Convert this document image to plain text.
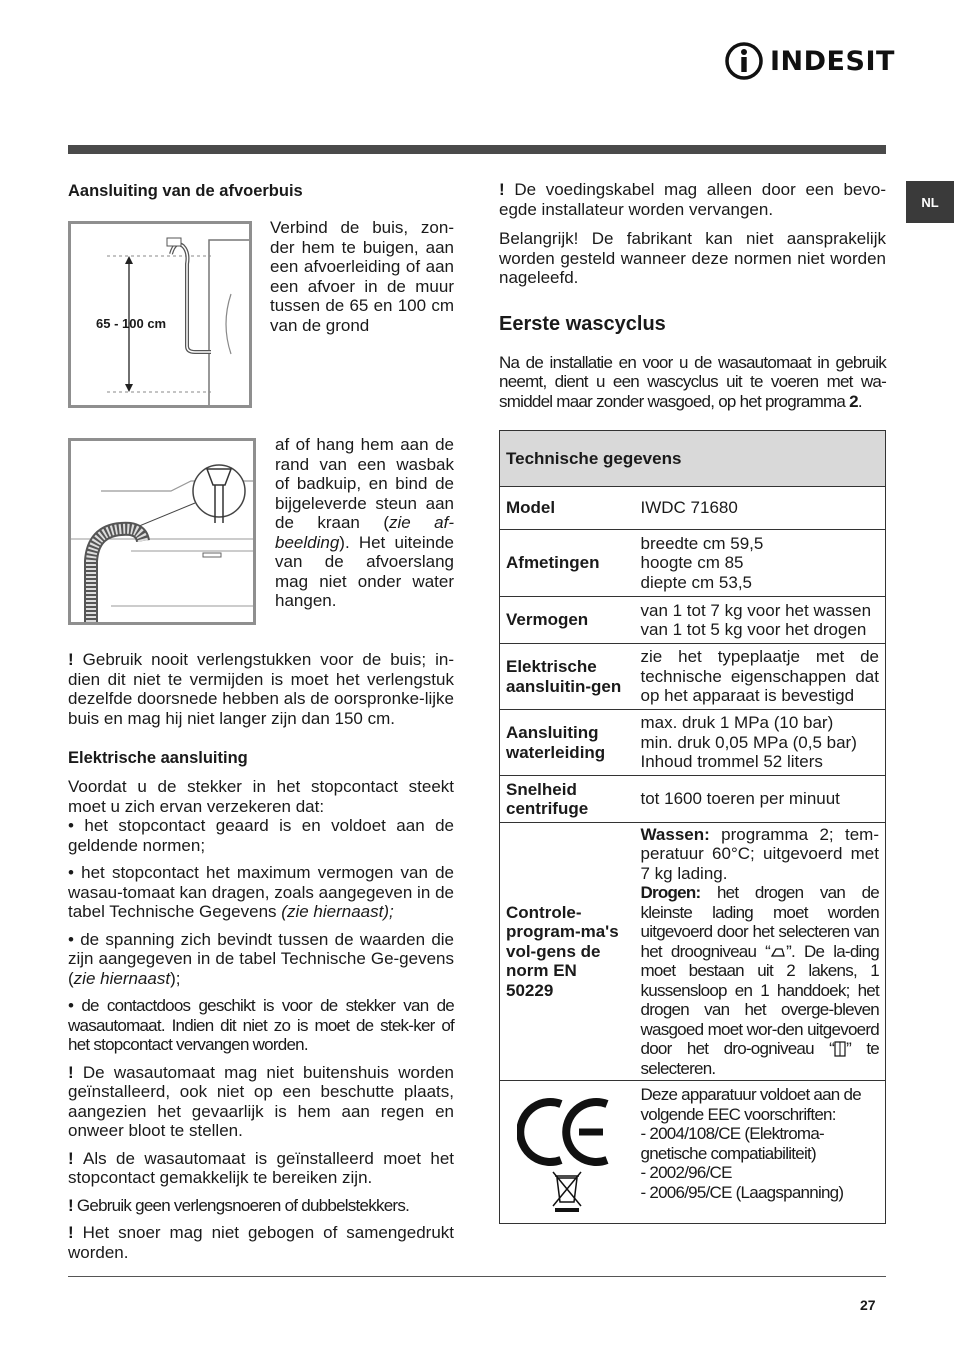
INDESIT
NL
Aansluiting van de afvoerbuis
65 - 100 cm

Verbind de buis, zon-der hem te buigen, aan een afvoerleiding of aan een afvoer in de muur tussen de 65 en 100 cm van de grond

af of hang hem aan de rand van een wasbak of badkuip, en bind de bijgeleverde steun aan de kraan (zie af-beelding). Het uiteinde van de afvoerslang mag niet onder water hangen.

! Gebruik nooit verlengstukken voor de buis; in-dien dit niet te vermijden is moet het verlengstuk dezelfde doorsnede hebben als de oorspronke-lijke buis en mag hij niet langer zijn dan 150 cm.

Elektrische aansluiting

Voordat u de stekker in het stopcontact steekt moet u zich ervan verzekeren dat:

• het stopcontact geaard is en voldoet aan de geldende normen;

• het stopcontact het maximum vermogen van de wasau-tomaat kan dragen, zoals aangegeven in de tabel Technische Gegevens (zie hiernaast);

• de spanning zich bevindt tussen de waarden die zijn aangegeven in de tabel Technische Ge-gevens (zie hiernaast);

• de contactdoos geschikt is voor de stekker van de wasautomaat. Indien dit niet zo is moet de stek-ker of het stopcontact vervangen worden.

! De wasautomaat mag niet buitenshuis worden geïnstalleerd, ook niet op een beschutte plaats, aangezien het gevaarlijk is hem aan regen en onweer bloot te stellen.

! Als de wasautomaat is geïnstalleerd moet het stopcontact gemakkelijk te bereiken zijn.

! Gebruik geen verlengsnoeren of dubbelstekkers.

! Het snoer mag niet gebogen of samengedrukt worden.

! De voedingskabel mag alleen door een bevo-egde installateur worden vervangen.

Belangrijk! De fabrikant kan niet aansprakelijk worden gesteld wanneer deze normen niet worden nageleefd.

Eerste wascyclus

Na de installatie en voor u de wasautomaat in gebruik neemt, dient u een wascyclus uit te voeren met wa-smiddel maar zonder wasgoed, op het programma 2.

Technische gegevens	
Model	IWDC 71680
Afmetingen	breedte cm 59,5
hoogte cm 85
diepte cm 53,5

Vermogen	van 1 tot 7 kg voor het wassen
van 1 tot 5 kg voor het drogen

Elektrische aansluitin-gen	zie het typeplaatje met de technische eigenschappen dat op het apparaat is bevestigd
Aansluiting waterleiding	max. druk 1 MPa (10 bar)
min. druk 0,05 MPa (0,5 bar)
Inhoud trommel 52 liters

Snelheid centrifuge	tot 1600 toeren per minuut
Controle-program-ma's vol-gens de norm EN 50229	Wassen: programma 2; tem-peratuur 60°C; uitgevoerd met 7 kg lading.
Drogen: het drogen van de kleinste lading moet worden uitgevoerd door het selecteren van het droogniveau “ ”. De la-ding moet bestaan uit 2 lakens, 1 kussensloop en 1 handdoek; het drogen van het overge-bleven wasgoed moet wor-den uitgevoerd door het dro-ogniveau “ ” te selecteren.

Deze apparatuur voldoet aan de volgende EEC voorschriften:
- 2004/108/CE (Elektroma-gnetische compatiabiliteit)
- 2002/96/CE
- 2006/95/CE (Laagspanning)
27
